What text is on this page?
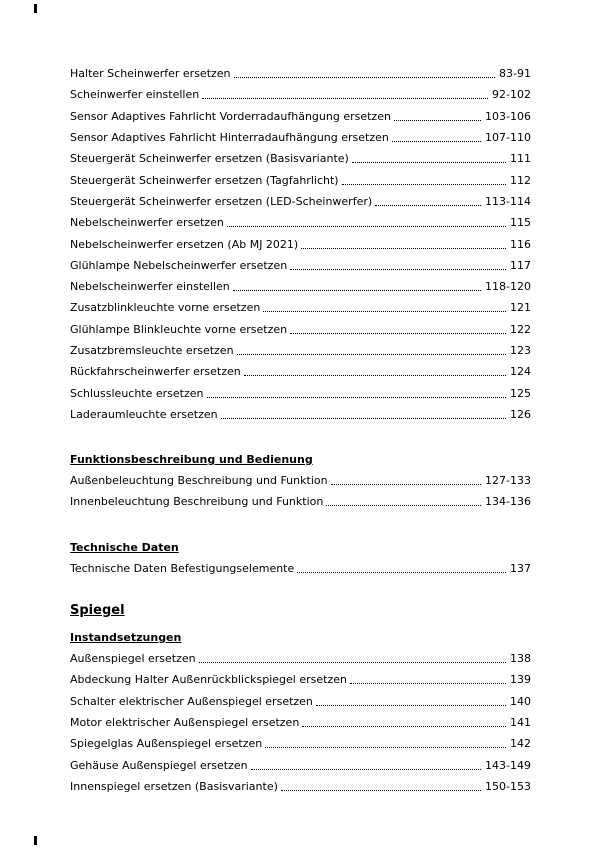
Halter Scheinwerfer ersetzen	83-91
Scheinwerfer einstellen	92-102
Sensor Adaptives Fahrlicht Vorderradaufhängung ersetzen	103-106
Sensor Adaptives Fahrlicht Hinterradaufhängung ersetzen	107-110
Steuergerät Scheinwerfer ersetzen (Basisvariante)	111
Steuergerät Scheinwerfer ersetzen (Tagfahrlicht)	112
Steuergerät Scheinwerfer ersetzen (LED-Scheinwerfer)	113-114
Nebelscheinwerfer ersetzen	115
Nebelscheinwerfer ersetzen (Ab MJ 2021)	116
Glühlampe Nebelscheinwerfer ersetzen	117
Nebelscheinwerfer einstellen	118-120
Zusatzblinkleuchte vorne ersetzen	121
Glühlampe Blinkleuchte vorne ersetzen	122
Zusatzbremsleuchte ersetzen	123
Rückfahrscheinwerfer ersetzen	124
Schlussleuchte ersetzen	125
Laderaumleuchte ersetzen	126
Funktionsbeschreibung und Bedienung
Außenbeleuchtung Beschreibung und Funktion	127-133
Innenbeleuchtung Beschreibung und Funktion	134-136
Technische Daten
Technische Daten Befestigungselemente	137
Spiegel
Instandsetzungen
Außenspiegel ersetzen	138
Abdeckung Halter Außenrückblickspiegel ersetzen	139
Schalter elektrischer Außenspiegel ersetzen	140
Motor elektrischer Außenspiegel ersetzen	141
Spiegelglas Außenspiegel ersetzen	142
Gehäuse Außenspiegel ersetzen	143-149
Innenspiegel ersetzen (Basisvariante)	150-153
